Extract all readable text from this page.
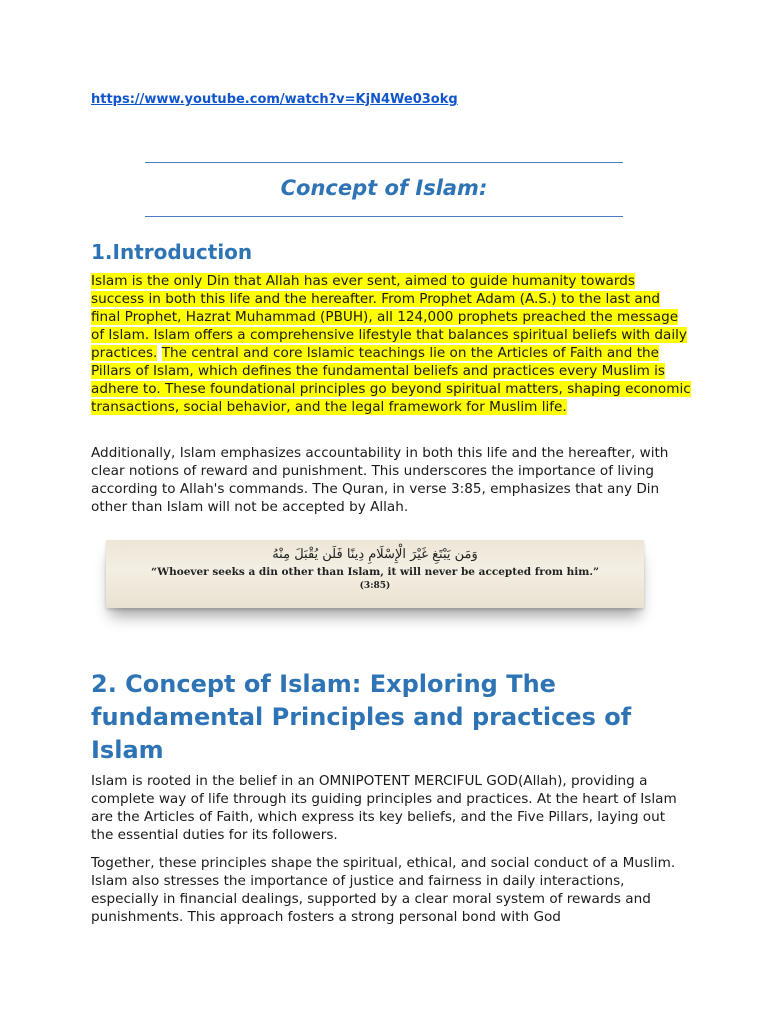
https://www.youtube.com/watch?v=KjN4We03okg
Concept of Islam:
1.Introduction
Islam is the only Din that Allah has ever sent, aimed to guide humanity towards success in both this life and the hereafter. From Prophet Adam (A.S.) to the last and final Prophet, Hazrat Muhammad (PBUH), all 124,000 prophets preached the message of Islam. Islam offers a comprehensive lifestyle that balances spiritual beliefs with daily practices. The central and core Islamic teachings lie on the Articles of Faith and the Pillars of Islam, which defines the fundamental beliefs and practices every Muslim is adhere to. These foundational principles go beyond spiritual matters, shaping economic transactions, social behavior, and the legal framework for Muslim life.
Additionally, Islam emphasizes accountability in both this life and the hereafter, with clear notions of reward and punishment. This underscores the importance of living according to Allah's commands. The Quran, in verse 3:85, emphasizes that any Din other than Islam will not be accepted by Allah.
وَمَن يَبْتَغِ غَيْرَ الْإِسْلَامِ دِينًا فَلَن يُقْبَلَ مِنْهُ
“Whoever seeks a din other than Islam, it will never be accepted from him.”
(3:85)
2. Concept of Islam: Exploring The fundamental Principles and practices of Islam
Islam is rooted in the belief in an OMNIPOTENT MERCIFUL GOD(Allah), providing a complete way of life through its guiding principles and practices. At the heart of Islam are the Articles of Faith, which express its key beliefs, and the Five Pillars, laying out the essential duties for its followers.
Together, these principles shape the spiritual, ethical, and social conduct of a Muslim. Islam also stresses the importance of justice and fairness in daily interactions, especially in financial dealings, supported by a clear moral system of rewards and punishments. This approach fosters a strong personal bond with God
